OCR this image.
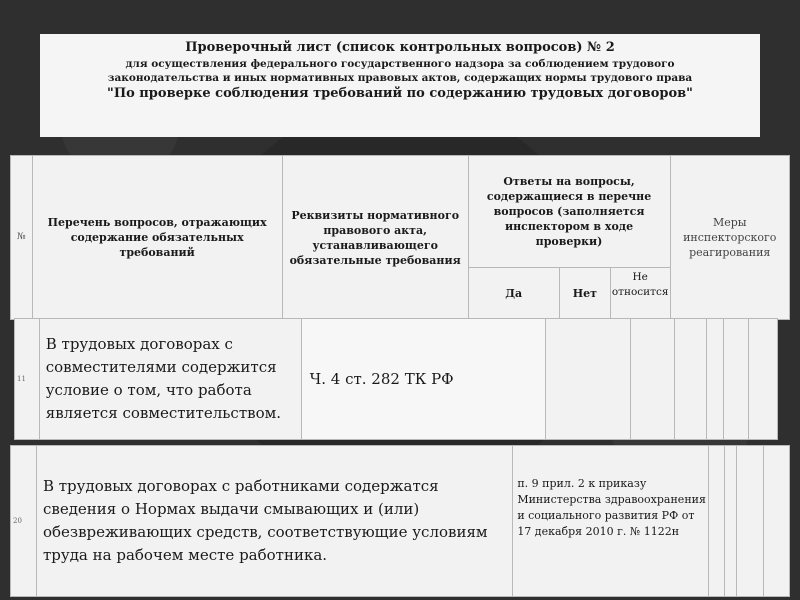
Проверочный лист (список контрольных вопросов) № 2
для осуществления федерального государственного надзора за соблюдением трудового
законодательства и иных нормативных правовых актов, содержащих нормы трудового права
"По проверке соблюдения требований по содержанию трудовых договоров"
№	Перечень вопросов, отражающих содержание обязательных требований	Реквизиты нормативного правового акта, устанавливающего обязательные требования	Ответы на вопросы, содержащиеся в перечне вопросов (заполняется инспектором в ходе проверки)			Меры инспекторского реагирования
			Да	Нет	Не относится	
11	В трудовых договорах с совместителями содержится условие о том, что работа является совместительством.	Ч. 4 ст. 282 ТК РФ						
20	В трудовых договорах с работниками содержатся сведения о Нормах выдачи смывающих и (или) обезвреживающих средств, соответствующие условиям труда на рабочем месте работника.	п. 9 прил. 2 к приказу Министерства здравоохранения и социального развития РФ от 17 декабря 2010 г. № 1122н				
